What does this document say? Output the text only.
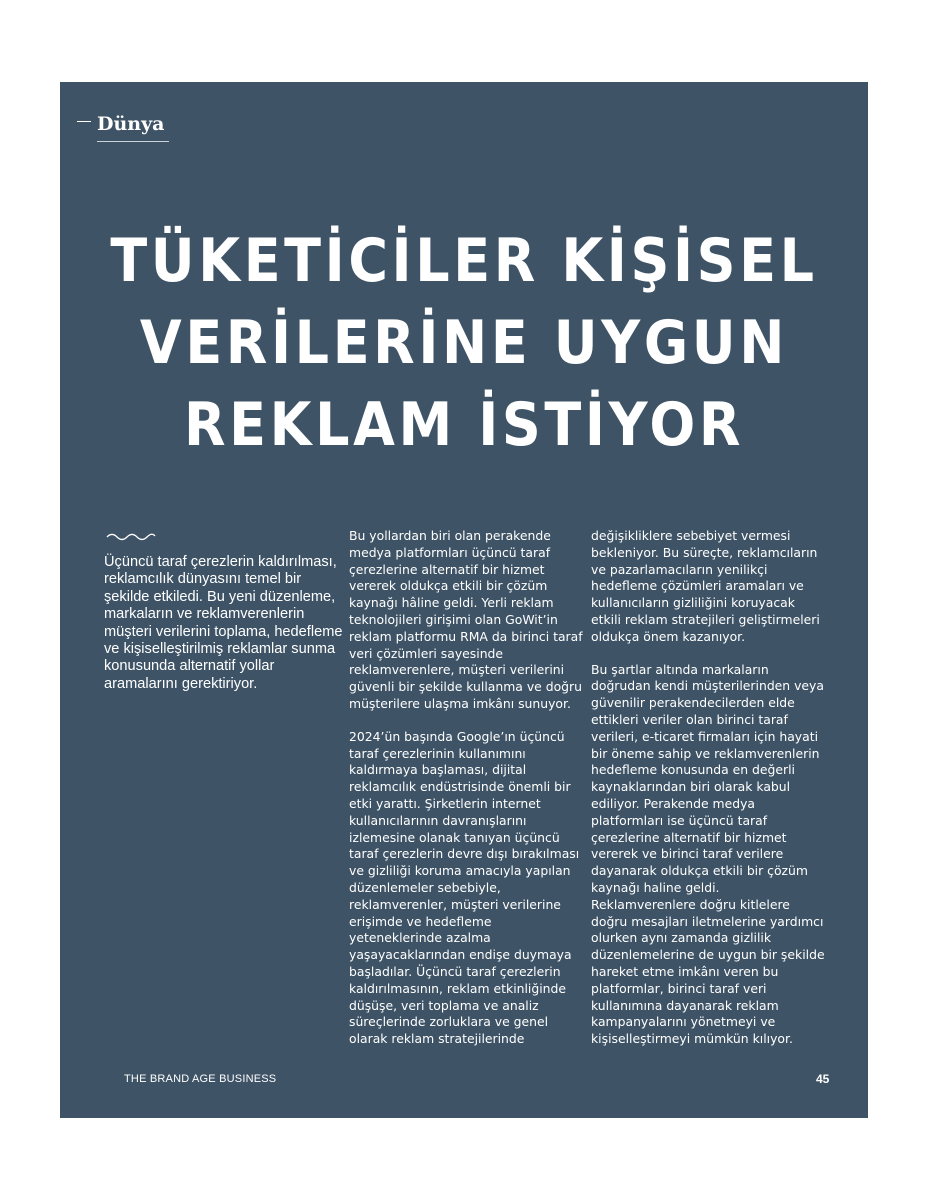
Dünya
TÜKETİCİLER KİŞİSEL
VERİLERİNE UYGUN
REKLAM İSTİYOR

Üçüncü taraf çerezlerin kaldırılması, reklamcılık dünyasını temel bir şekilde etkiledi. Bu yeni düzenleme, markaların ve reklamverenlerin müşteri verilerini toplama, hedefleme ve kişiselleştirilmiş reklamlar sunma konusunda alternatif yollar aramalarını gerektiriyor.

Bu yollardan biri olan perakende medya platformları üçüncü taraf çerezlerine alternatif bir hizmet vererek oldukça etkili bir çözüm kaynağı hâline geldi. Yerli reklam teknolojileri girişimi olan GoWit’in reklam platformu RMA da birinci taraf veri çözümleri sayesinde reklamverenlere, müşteri verilerini güvenli bir şekilde kullanma ve doğru müşterilere ulaşma imkânı sunuyor.

2024’ün başında Google’ın üçüncü taraf çerezlerinin kullanımını kaldırmaya başlaması, dijital reklamcılık endüstrisinde önemli bir etki yarattı. Şirketlerin internet kullanıcılarının davranışlarını izlemesine olanak tanıyan üçüncü taraf çerezlerin devre dışı bırakılması ve gizliliği koruma amacıyla yapılan düzenlemeler sebebiyle, reklamverenler, müşteri verilerine erişimde ve hedefleme yeteneklerinde azalma yaşayacaklarından endişe duymaya başladılar. Üçüncü taraf çerezlerin kaldırılmasının, reklam etkinliğinde düşüşe, veri toplama ve analiz süreçlerinde zorluklara ve genel olarak reklam stratejilerinde

değişikliklere sebebiyet vermesi bekleniyor. Bu süreçte, reklamcıların ve pazarlamacıların yenilikçi hedefleme çözümleri aramaları ve kullanıcıların gizliliğini koruyacak etkili reklam stratejileri geliştirmeleri oldukça önem kazanıyor.

Bu şartlar altında markaların doğrudan kendi müşterilerinden veya güvenilir perakendecilerden elde ettikleri veriler olan birinci taraf verileri, e-ticaret firmaları için hayati bir öneme sahip ve reklamverenlerin hedefleme konusunda en değerli kaynaklarından biri olarak kabul ediliyor. Perakende medya platformları ise üçüncü taraf çerezlerine alternatif bir hizmet vererek ve birinci taraf verilere dayanarak oldukça etkili bir çözüm kaynağı haline geldi. Reklamverenlere doğru kitlelere doğru mesajları iletmelerine yardımcı olurken aynı zamanda gizlilik düzenlemelerine de uygun bir şekilde hareket etme imkânı veren bu platformlar, birinci taraf veri kullanımına dayanarak reklam kampanyalarını yönetmeyi ve kişiselleştirmeyi mümkün kılıyor.

THE BRAND AGE BUSINESS	45
